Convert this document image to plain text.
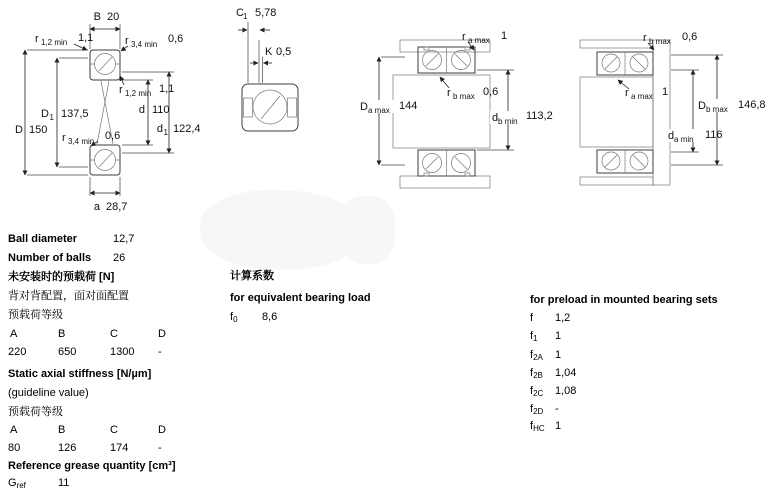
B 20
D 150
D 1 137,5	d 110
d 1 122,4
r 1,2 min 1,1	r 3,4 min 0,6
r 1,2 min 1,1
r 3,4 min 0,6
a 28,7
C 1 5,78
K 0,5
D a max 144
d b min 113,2
r a max 1
r b max 0,6
r b max 0,6
r a max 1
D b max 146,8
d a min 116
Ball diameter	12,7
Number of balls 26
未安装时的预载荷 [N]
背对背配置，面对面配置
预载荷等级
A	B	C	D
220	650	1300 -
Static axial stiffness [N/µm]
(guideline value)
预载荷等级
A	B	C	D
80	126	174	-
Reference grease quantity [cm³]
Gref	11
计算系数
for equivalent bearing load
f0 8,6
for preload in mounted bearing sets
f 1,2
f1 1
f2A 1
f2B 1,04
f2C 1,08
f2D -
fHC 1
